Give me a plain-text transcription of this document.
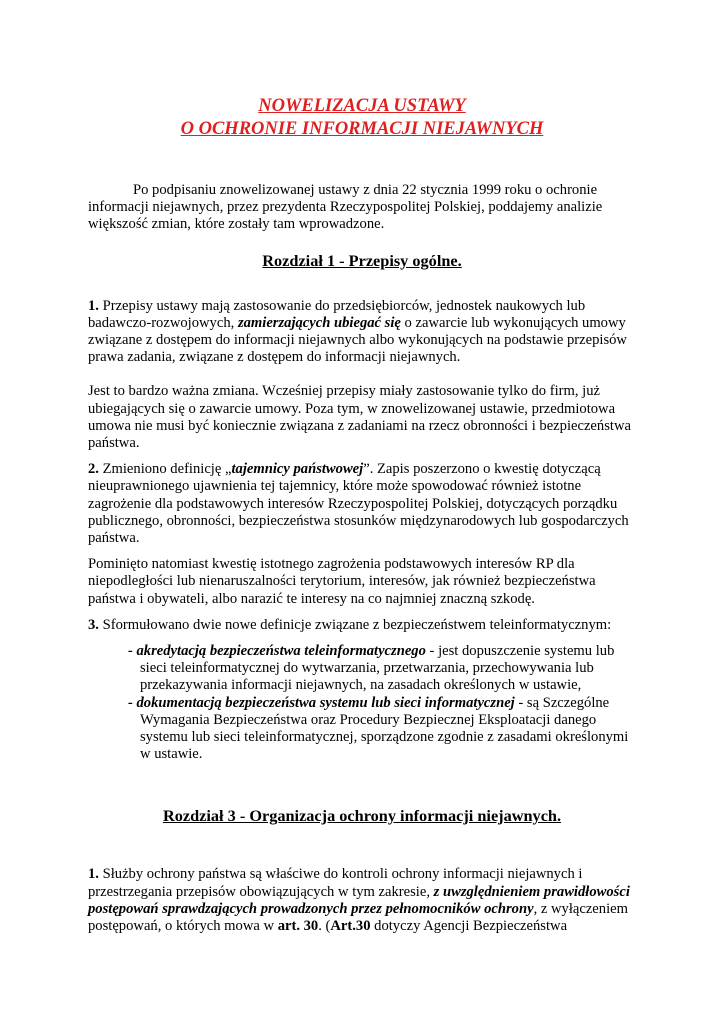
NOWELIZACJA USTAWY
O OCHRONIE INFORMACJI NIEJAWNYCH

Po podpisaniu znowelizowanej ustawy z dnia 22 stycznia 1999 roku o ochronie informacji niejawnych, przez prezydenta Rzeczypospolitej Polskiej, poddajemy analizie większość zmian, które zostały tam wprowadzone.

Rozdział 1 - Przepisy ogólne.

1. Przepisy ustawy mają zastosowanie do przedsiębiorców, jednostek naukowych lub badawczo-rozwojowych, zamierzających ubiegać się o zawarcie lub wykonujących umowy związane z dostępem do informacji niejawnych albo wykonujących na podstawie przepisów prawa zadania, związane z dostępem do informacji niejawnych.

Jest to bardzo ważna zmiana. Wcześniej przepisy miały zastosowanie tylko do firm, już ubiegających się o zawarcie umowy. Poza tym, w znowelizowanej ustawie, przedmiotowa umowa nie musi być koniecznie związana z zadaniami na rzecz obronności i bezpieczeństwa państwa.

2. Zmieniono definicję „tajemnicy państwowej”. Zapis poszerzono o kwestię dotyczącą nieuprawnionego ujawnienia tej tajemnicy, które może spowodować również istotne zagrożenie dla podstawowych interesów Rzeczypospolitej Polskiej, dotyczących porządku publicznego, obronności, bezpieczeństwa stosunków międzynarodowych lub gospodarczych państwa.

Pominięto natomiast kwestię istotnego zagrożenia podstawowych interesów RP dla niepodległości lub nienaruszalności terytorium, interesów, jak również bezpieczeństwa państwa i obywateli, albo narazić te interesy na co najmniej znaczną szkodę.

3. Sformułowano dwie nowe definicje związane z bezpieczeństwem teleinformatycznym:

- akredytacją bezpieczeństwa teleinformatycznego - jest dopuszczenie systemu lub sieci teleinformatycznej do wytwarzania, przetwarzania, przechowywania lub przekazywania informacji niejawnych, na zasadach określonych w ustawie,
- dokumentacją bezpieczeństwa systemu lub sieci informatycznej - są Szczególne Wymagania Bezpieczeństwa oraz Procedury Bezpiecznej Eksploatacji danego systemu lub sieci teleinformatycznej, sporządzone zgodnie z zasadami określonymi w ustawie.
Rozdział 3 - Organizacja ochrony informacji niejawnych.

1. Służby ochrony państwa są właściwe do kontroli ochrony informacji niejawnych i przestrzegania przepisów obowiązujących w tym zakresie, z uwzględnieniem prawidłowości postępowań sprawdzających prowadzonych przez pełnomocników ochrony, z wyłączeniem postępowań, o których mowa w art. 30. (Art.30 dotyczy Agencji Bezpieczeństwa
